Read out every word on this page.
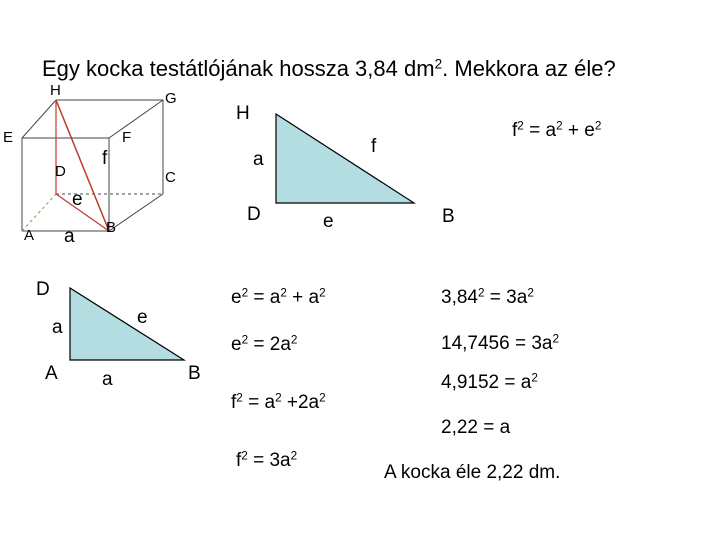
Egy kocka testátlójának hossza 3,84 $dm^2$. Mekkora az éle?
H	G
E	F
f
D	C
e
A a B
H
a
f
D	e	B
D
a	e
A a	B
$f^2 = a^2 + e^2$
$e^2 = a^2 + a^2$
$e^2 = 2a^2$
$f^2 = a^2 +2a^2$
$f^2 = 3a^2$
$3,84^2 = 3a^2$
$14,7456 = 3a^2$
$4,9152 = a^2$
2,22 = a
A kocka éle 2,22 dm.
